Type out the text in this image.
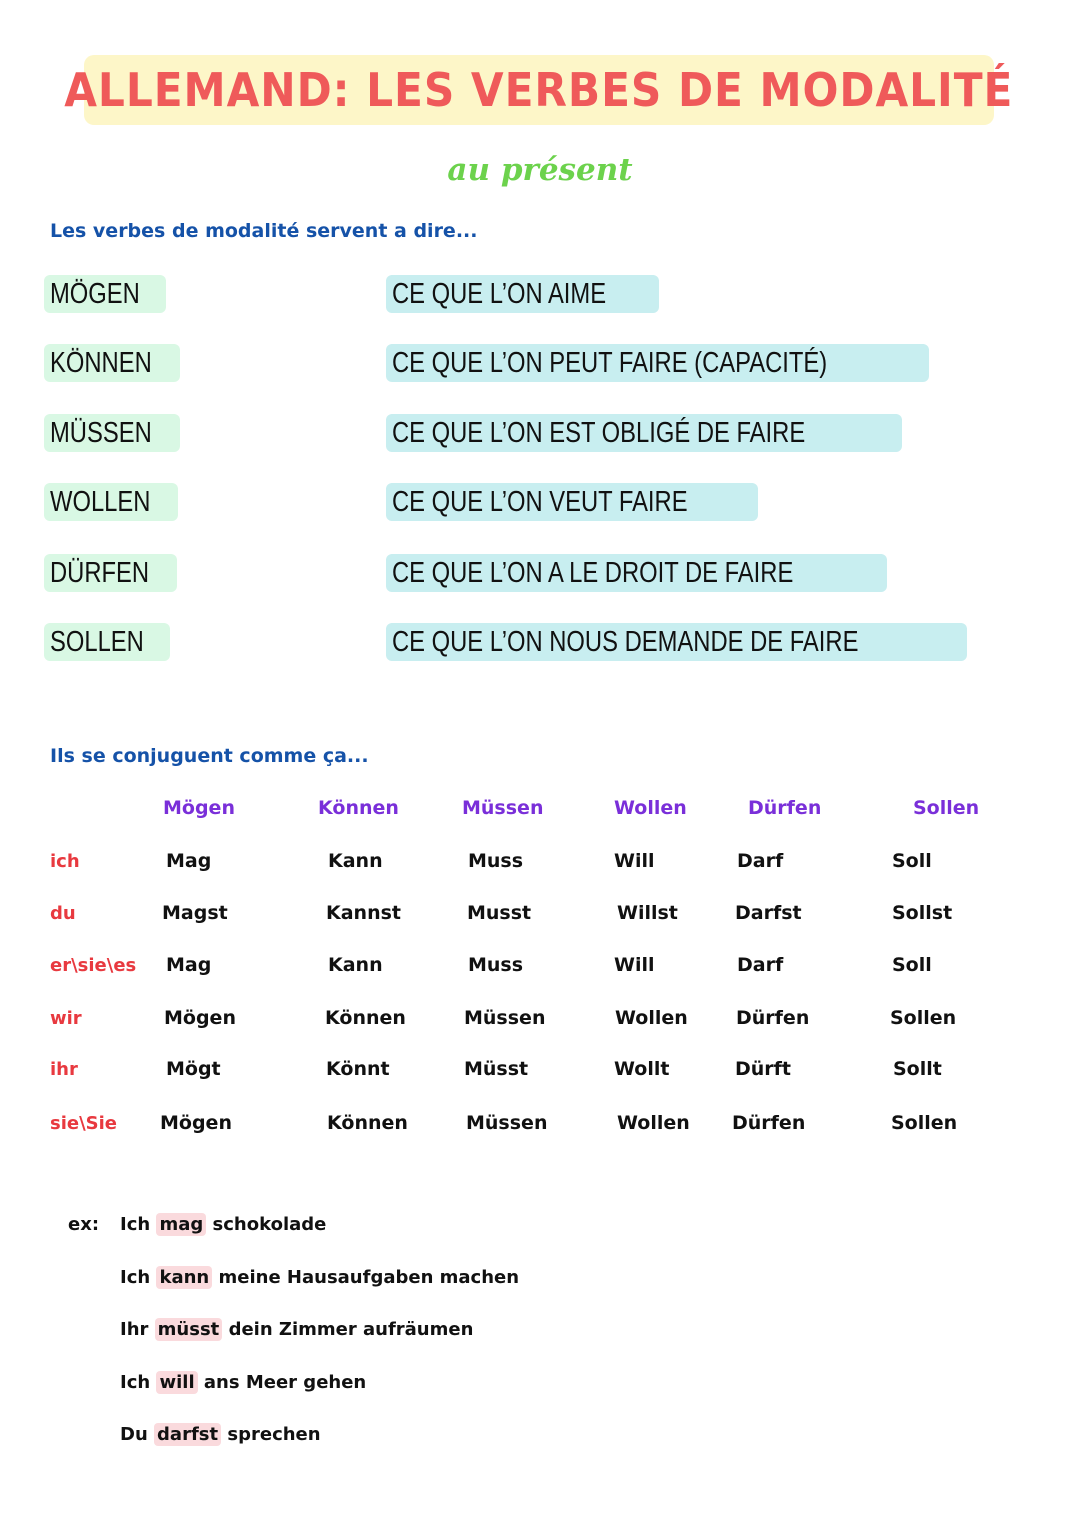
ALLEMAND: LES VERBES DE MODALITÉ
au présent
Les verbes de modalité servent a dire...
MÖGEN	CE QUE L’ON AIME
KÖNNEN	CE QUE L’ON PEUT FAIRE (CAPACITÉ)
MÜSSEN	CE QUE L’ON EST OBLIGÉ DE FAIRE
WOLLEN	CE QUE L’ON VEUT FAIRE
DÜRFEN	CE QUE L’ON A LE DROIT DE FAIRE
SOLLEN	CE QUE L’ON NOUS DEMANDE DE FAIRE
Ils se conjuguent comme ça...
Mögen	Können	Müssen	Wollen	Dürfen	Sollen
ich	Mag	Kann	Muss	Will	Darf	Soll
du	Magst	Kannst	Musst	Willst	Darfst	Sollst
er\sie\es Mag	Kann	Muss	Will	Darf	Soll
wir	Mögen	Können	Müssen	Wollen	Dürfen	Sollen
ihr	Mögt	Könnt	Müsst	Wollt	Dürft	Sollt
sie\Sie Mögen	Können	Müssen	Wollen Dürfen	Sollen
ex: Ich mag schokolade
Ich kann meine Hausaufgaben machen
Ihr müsst dein Zimmer aufräumen
Ich will ans Meer gehen
Du darfst sprechen
